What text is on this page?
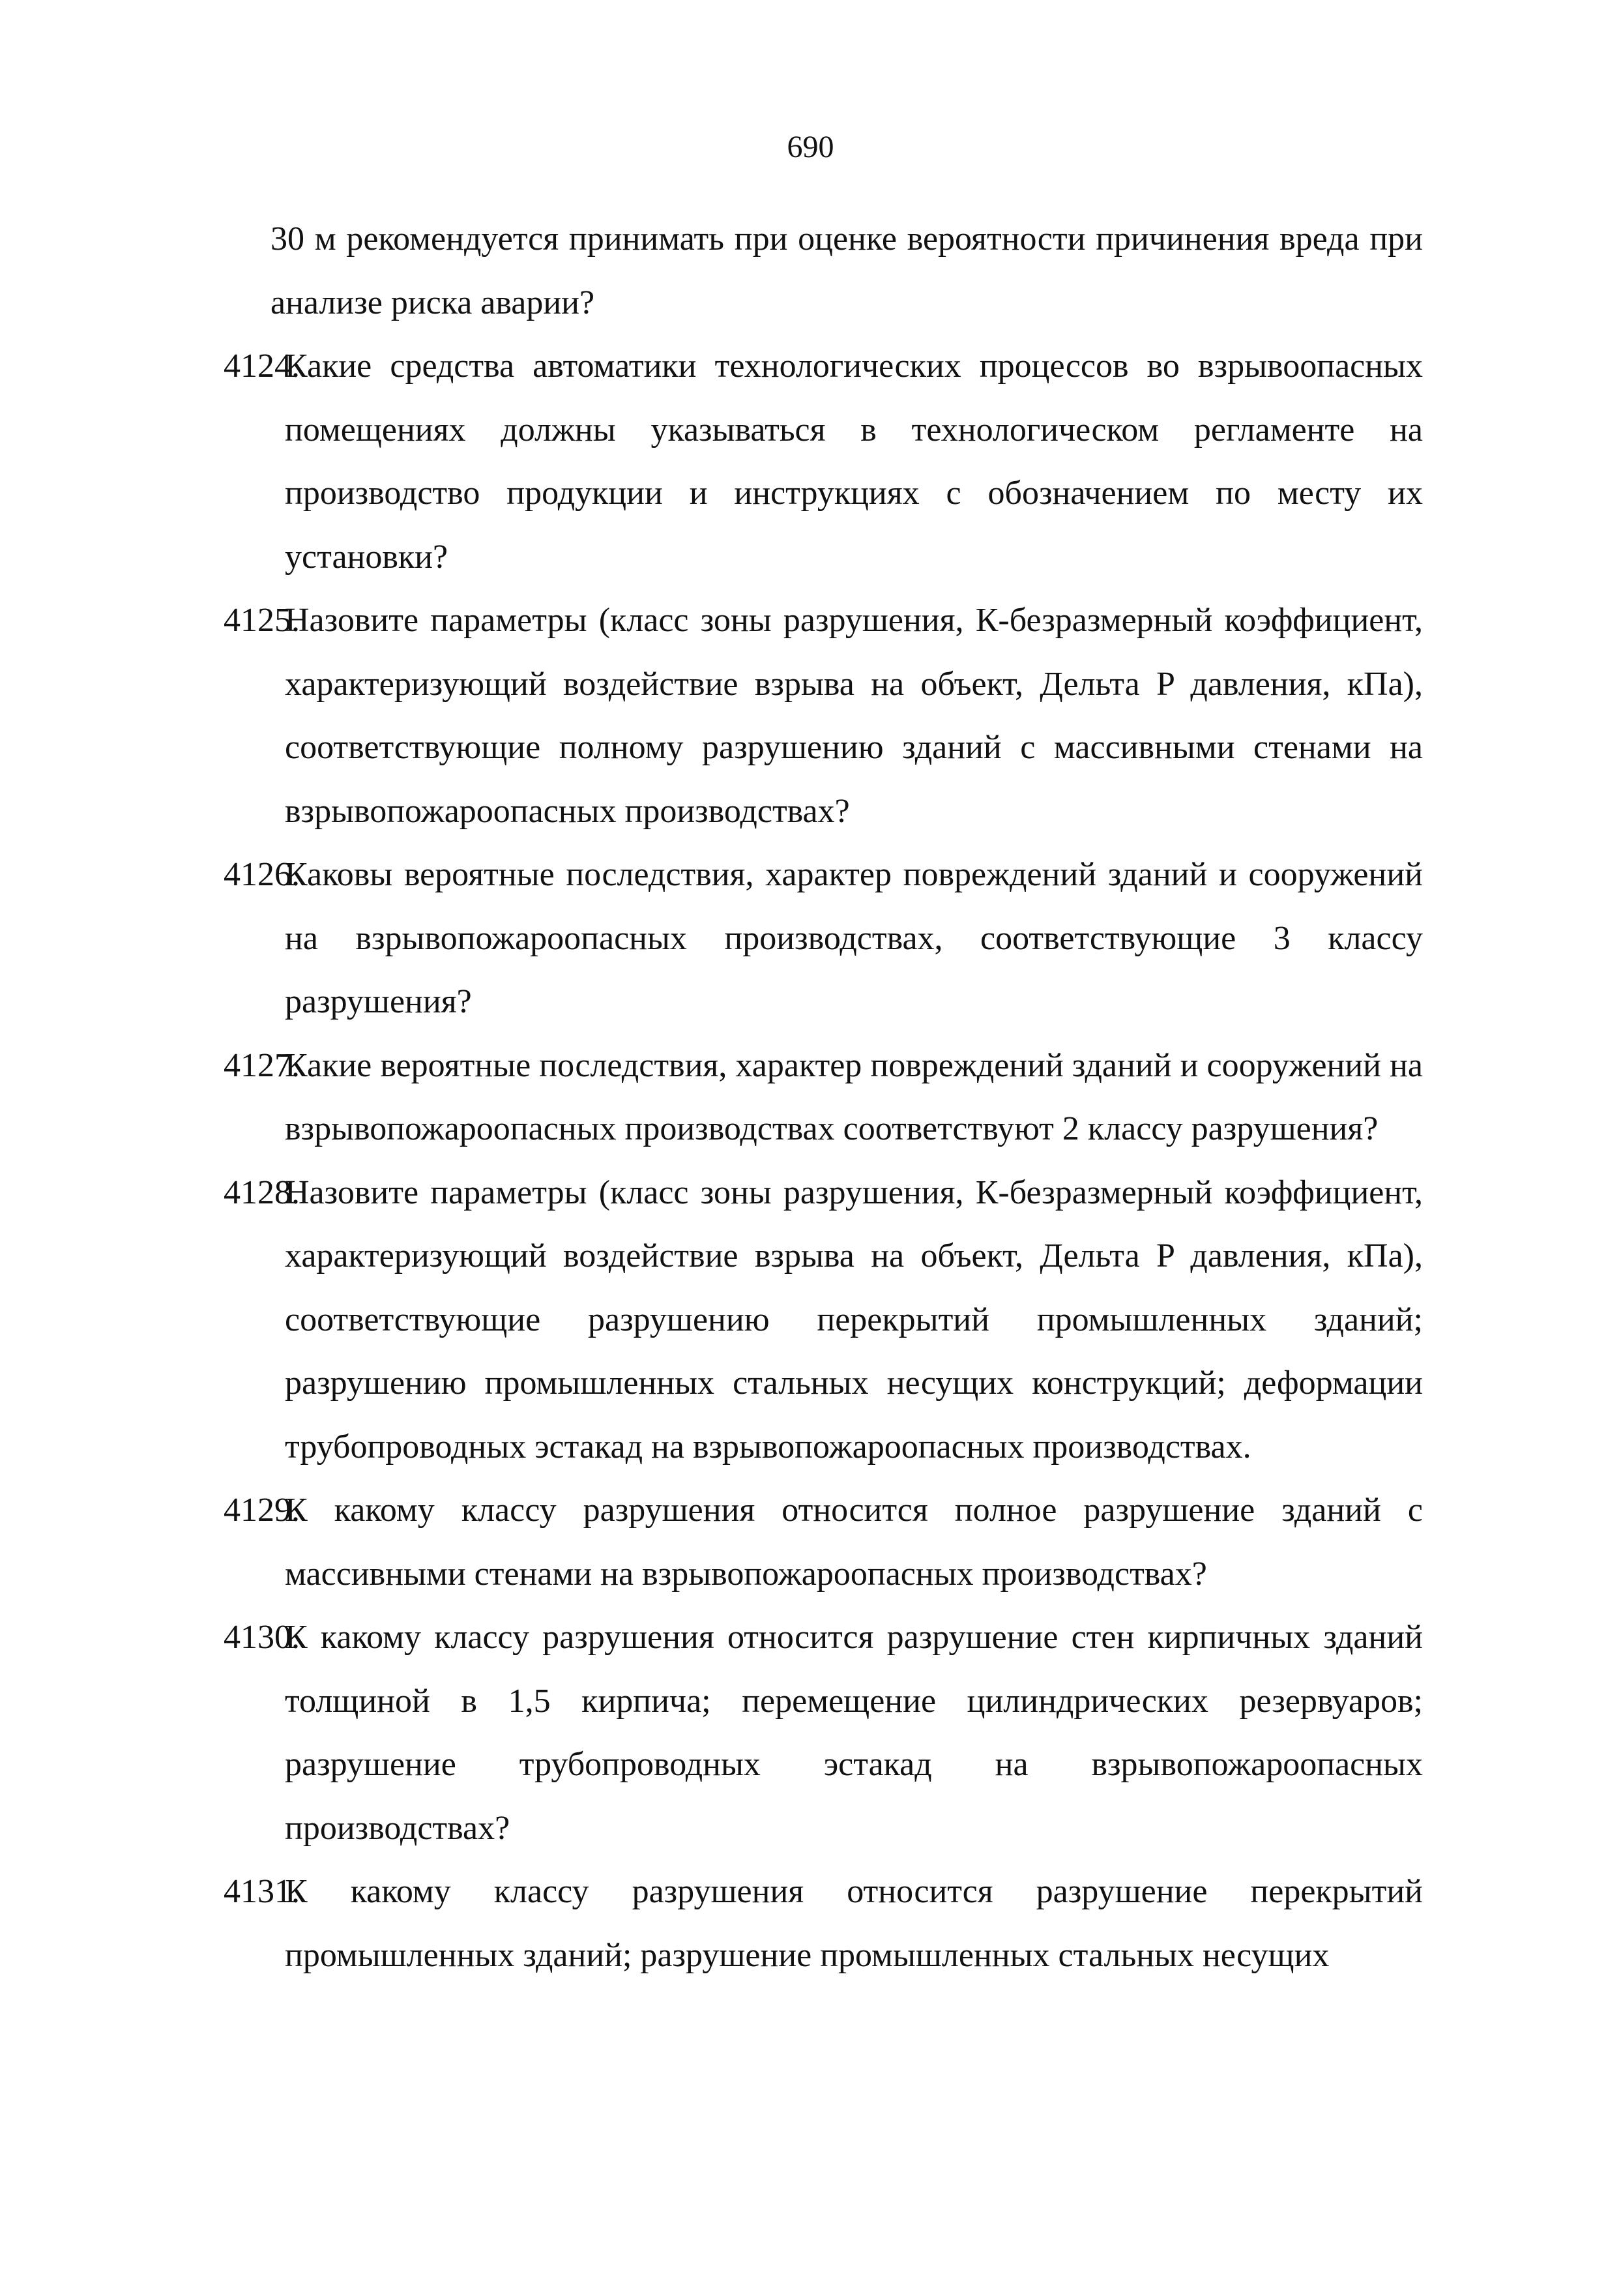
690
30 м рекомендуется принимать при оценке вероятности причинения вреда при анализе риска аварии?
4124.
Какие средства автоматики технологических процессов во взрывоопасных помещениях должны указываться в технологическом регламенте на производство продукции и инструкциях с обозначением по месту их установки?
4125.
Назовите параметры (класс зоны разрушения, К-безразмерный коэффициент, характеризующий воздействие взрыва на объект, Дельта P давления, кПа), соответствующие полному разрушению зданий с массивными стенами на взрывопожароопасных производствах?
4126.
Каковы вероятные последствия, характер повреждений зданий и сооружений на взрывопожароопасных производствах, соответствующие 3 классу разрушения?
4127.
Какие вероятные последствия, характер повреждений зданий и сооружений на взрывопожароопасных производствах соответствуют 2 классу разрушения?
4128.
Назовите параметры (класс зоны разрушения, К-безразмерный коэффициент, характеризующий воздействие взрыва на объект, Дельта P давления, кПа), соответствующие разрушению перекрытий промышленных зданий; разрушению промышленных стальных несущих конструкций; деформации трубопроводных эстакад на взрывопожароопасных производствах.
4129.
К какому классу разрушения относится полное разрушение зданий с массивными стенами на взрывопожароопасных производствах?
4130.
К какому классу разрушения относится разрушение стен кирпичных зданий толщиной в 1,5 кирпича; перемещение цилиндрических резервуаров; разрушение трубопроводных эстакад на взрывопожароопасных производствах?
4131.
К какому классу разрушения относится разрушение перекрытий промышленных зданий; разрушение промышленных стальных несущих
